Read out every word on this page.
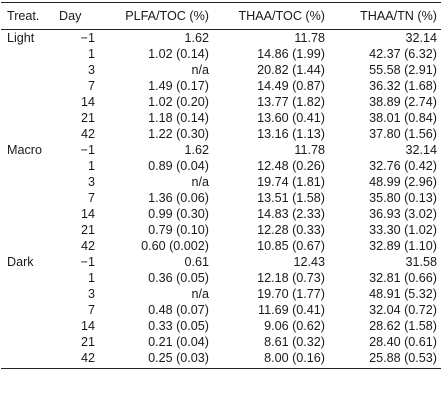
Treat.	Day	PLFA/TOC (%)	THAA/TOC (%)	THAA/TN (%)
Light	−1	1.62	11.78	32.14
	1	1.02 (0.14)	14.86 (1.99)	42.37 (6.32)
	3	n/a	20.82 (1.44)	55.58 (2.91)
	7	1.49 (0.17)	14.49 (0.87)	36.32 (1.68)
	14	1.02 (0.20)	13.77 (1.82)	38.89 (2.74)
	21	1.18 (0.14)	13.60 (0.41)	38.01 (0.84)
	42	1.22 (0.30)	13.16 (1.13)	37.80 (1.56)
Macro	−1	1.62	11.78	32.14
	1	0.89 (0.04)	12.48 (0.26)	32.76 (0.42)
	3	n/a	19.74 (1.81)	48.99 (2.96)
	7	1.36 (0.06)	13.51 (1.58)	35.80 (0.13)
	14	0.99 (0.30)	14.83 (2.33)	36.93 (3.02)
	21	0.79 (0.10)	12.28 (0.33)	33.30 (1.02)
	42	0.60 (0.002)	10.85 (0.67)	32.89 (1.10)
Dark	−1	0.61	12.43	31.58
	1	0.36 (0.05)	12.18 (0.73)	32.81 (0.66)
	3	n/a	19.70 (1.77)	48.91 (5.32)
	7	0.48 (0.07)	11.69 (0.41)	32.04 (0.72)
	14	0.33 (0.05)	9.06 (0.62)	28.62 (1.58)
	21	0.21 (0.04)	8.61 (0.32)	28.40 (0.61)
	42	0.25 (0.03)	8.00 (0.16)	25.88 (0.53)
